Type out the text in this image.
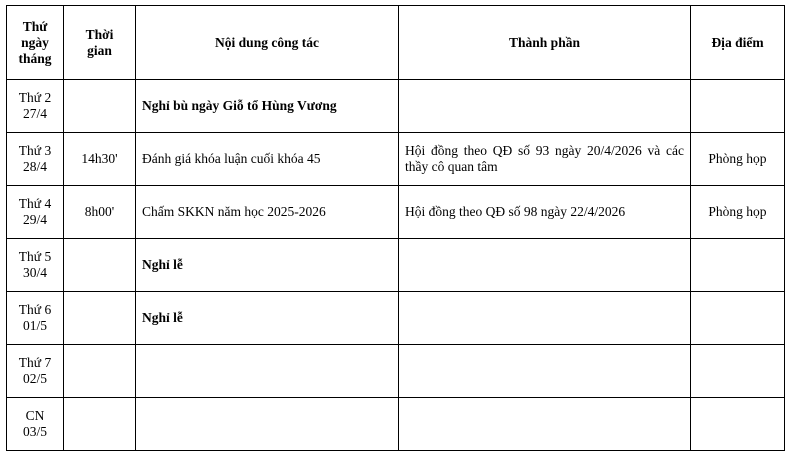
Thứ
ngày
tháng	Thời
gian	Nội dung công tác	Thành phần	Địa điểm

Thứ 2
27/4		Nghỉ bù ngày Giỗ tổ Hùng Vương		

Thứ 3
28/4	14h30'	Đánh giá khóa luận cuối khóa 45	Hội đồng theo QĐ số 93 ngày 20/4/2026 và các thầy cô quan tâm	Phòng họp

Thứ 4
29/4	8h00'	Chấm SKKN năm học 2025-2026	Hội đồng theo QĐ số 98 ngày 22/4/2026	Phòng họp

Thứ 5
30/4		Nghỉ lễ		

Thứ 6
01/5		Nghỉ lễ		

Thứ 7
02/5				

CN
03/5				
